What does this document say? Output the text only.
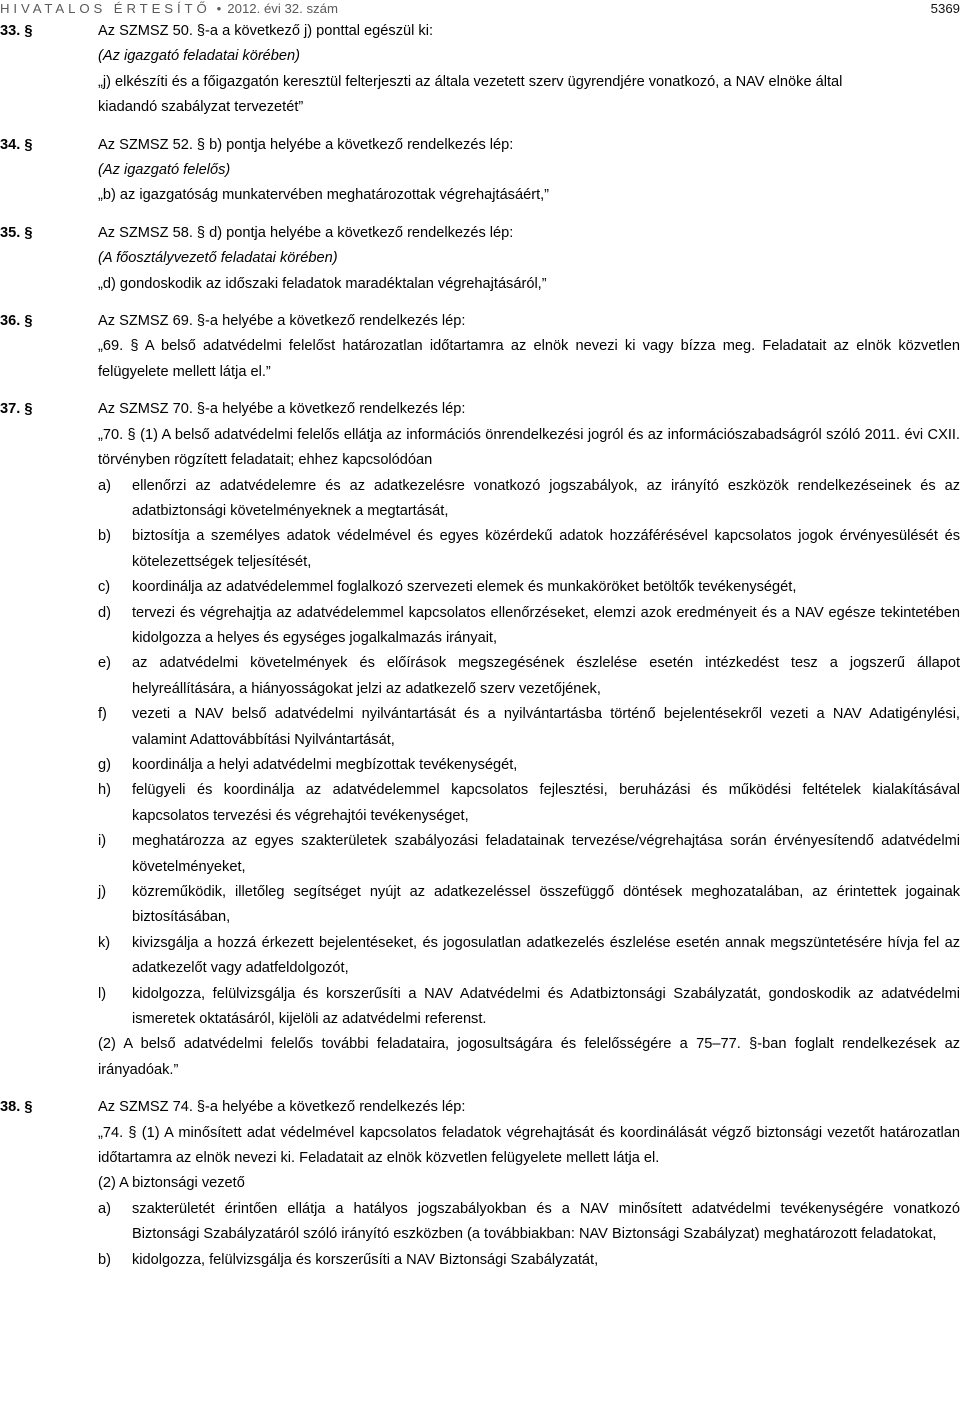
HIVATALOS ÉRTESÍTŐ • 2012. évi 32. szám	5369
33. §	Az SZMSZ 50. §-a a következő j) ponttal egészül ki:
(Az igazgató feladatai körében)
„j) elkészíti és a főigazgatón keresztül felterjeszti az általa vezetett szerv ügyrendjére vonatkozó, a NAV elnöke által
kiadandó szabályzat tervezetét”
34. §	Az SZMSZ 52. § b) pontja helyébe a következő rendelkezés lép:
(Az igazgató felelős)
„b) az igazgatóság munkatervében meghatározottak végrehajtásáért,”
35. §	Az SZMSZ 58. § d) pontja helyébe a következő rendelkezés lép:
(A főosztályvezető feladatai körében)
„d) gondoskodik az időszaki feladatok maradéktalan végrehajtásáról,”
36. §	Az SZMSZ 69. §-a helyébe a következő rendelkezés lép:
„69. § A belső adatvédelmi felelőst határozatlan időtartamra az elnök nevezi ki vagy bízza meg. Feladatait az elnök közvetlen felügyelete mellett látja el.”
37. §	Az SZMSZ 70. §-a helyébe a következő rendelkezés lép:
„70. § (1) A belső adatvédelmi felelős ellátja az információs önrendelkezési jogról és az információszabadságról szóló 2011. évi CXII. törvényben rögzített feladatait; ehhez kapcsolódóan
a)	ellenőrzi az adatvédelemre és az adatkezelésre vonatkozó jogszabályok, az irányító eszközök rendelkezéseinek és az adatbiztonsági követelményeknek a megtartását,
b)	biztosítja a személyes adatok védelmével és egyes közérdekű adatok hozzáférésével kapcsolatos jogok érvényesülését és kötelezettségek teljesítését,
c)	koordinálja az adatvédelemmel foglalkozó szervezeti elemek és munkaköröket betöltők tevékenységét,
d)	tervezi és végrehajtja az adatvédelemmel kapcsolatos ellenőrzéseket, elemzi azok eredményeit és a NAV egésze tekintetében kidolgozza a helyes és egységes jogalkalmazás irányait,
e)	az adatvédelmi követelmények és előírások megszegésének észlelése esetén intézkedést tesz a jogszerű állapot helyreállítására, a hiányosságokat jelzi az adatkezelő szerv vezetőjének,
f)	vezeti a NAV belső adatvédelmi nyilvántartását és a nyilvántartásba történő bejelentésekről vezeti a NAV Adatigénylési, valamint Adattovábbítási Nyilvántartását,
g)	koordinálja a helyi adatvédelmi megbízottak tevékenységét,
h)	felügyeli és koordinálja az adatvédelemmel kapcsolatos fejlesztési, beruházási és működési feltételek kialakításával kapcsolatos tervezési és végrehajtói tevékenységet,
i)	meghatározza az egyes szakterületek szabályozási feladatainak tervezése/végrehajtása során érvényesítendő adatvédelmi követelményeket,
j)	közreműködik, illetőleg segítséget nyújt az adatkezeléssel összefüggő döntések meghozatalában, az érintettek jogainak biztosításában,
k)	kivizsgálja a hozzá érkezett bejelentéseket, és jogosulatlan adatkezelés észlelése esetén annak megszüntetésére hívja fel az adatkezelőt vagy adatfeldolgozót,
l)	kidolgozza, felülvizsgálja és korszerűsíti a NAV Adatvédelmi és Adatbiztonsági Szabályzatát, gondoskodik az adatvédelmi ismeretek oktatásáról, kijelöli az adatvédelmi referenst.
(2) A belső adatvédelmi felelős további feladataira, jogosultságára és felelősségére a 75–77. §-ban foglalt rendelkezések az irányadóak.”
38. §	Az SZMSZ 74. §-a helyébe a következő rendelkezés lép:
„74. § (1) A minősített adat védelmével kapcsolatos feladatok végrehajtását és koordinálását végző biztonsági vezetőt határozatlan időtartamra az elnök nevezi ki. Feladatait az elnök közvetlen felügyelete mellett látja el.
(2) A biztonsági vezető
a)	szakterületét érintően ellátja a hatályos jogszabályokban és a NAV minősített adatvédelmi tevékenységére vonatkozó Biztonsági Szabályzatáról szóló irányító eszközben (a továbbiakban: NAV Biztonsági Szabályzat) meghatározott feladatokat,
b)	kidolgozza, felülvizsgálja és korszerűsíti a NAV Biztonsági Szabályzatát,
